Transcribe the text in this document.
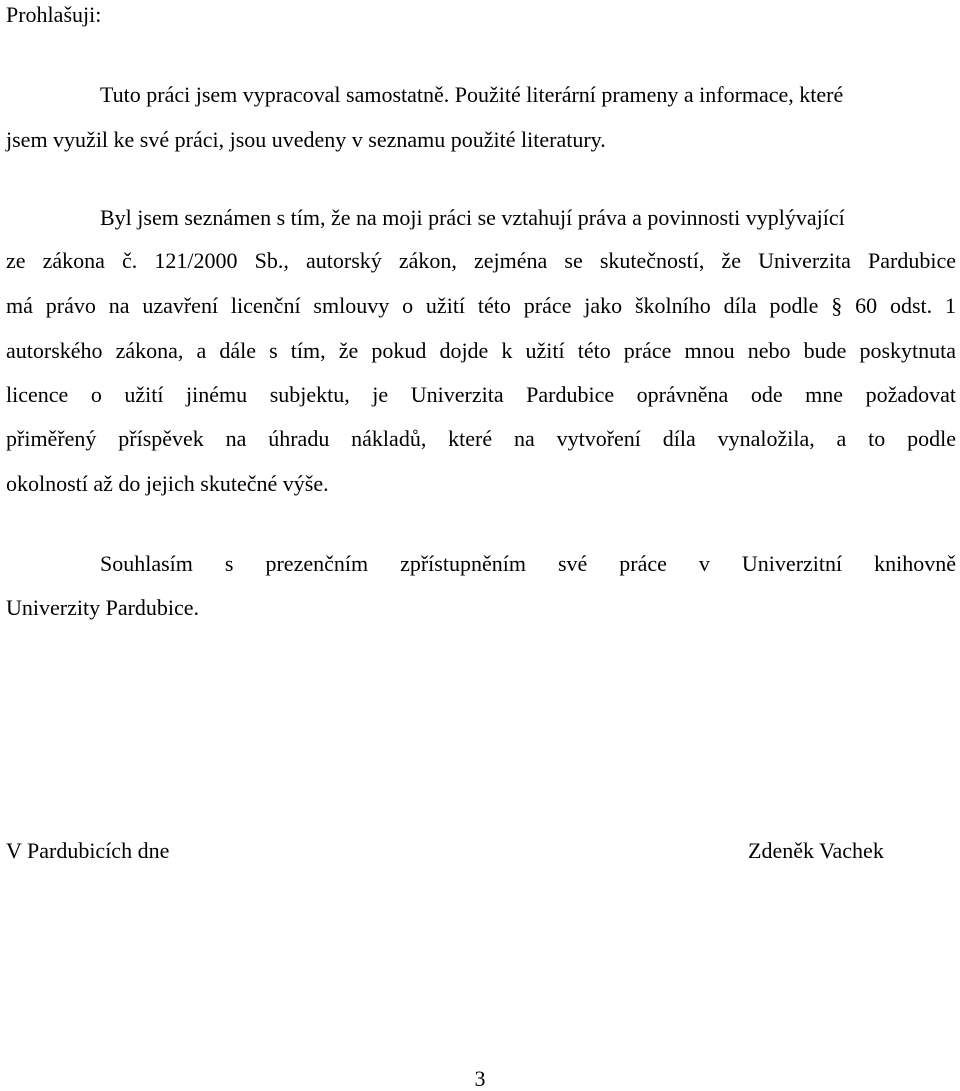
Prohlašuji:
Tuto práci jsem vypracoval samostatně. Použité literární prameny a informace, které
jsem využil ke své práci, jsou uvedeny v seznamu použité literatury.
Byl jsem seznámen s tím, že na moji práci se vztahují práva a povinnosti vyplývající
ze zákona č. 121/2000 Sb., autorský zákon, zejména se skutečností, že Univerzita Pardubice
má právo na uzavření licenční smlouvy o užití této práce jako školního díla podle § 60 odst. 1
autorského zákona, a dále s tím, že pokud dojde k užití této práce mnou nebo bude poskytnuta
licence o užití jinému subjektu, je Univerzita Pardubice oprávněna ode mne požadovat
přiměřený příspěvek na úhradu nákladů, které na vytvoření díla vynaložila, a to podle
okolností až do jejich skutečné výše.
Souhlasím s prezenčním zpřístupněním své práce v Univerzitní knihovně
Univerzity Pardubice.
V Pardubicích dne	Zdeněk Vachek
3
